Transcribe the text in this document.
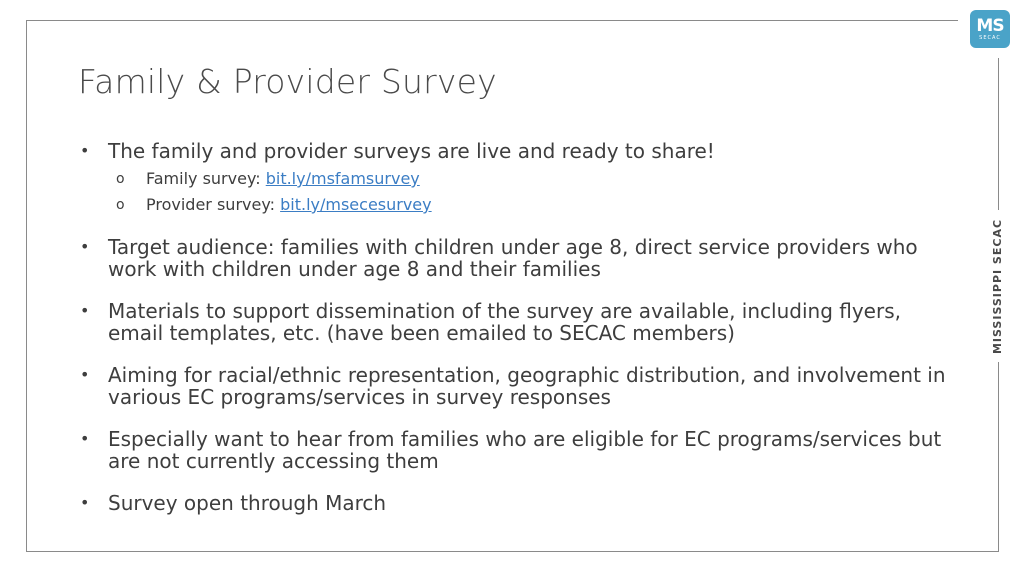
MS
SECAC
MISSISSIPPI SECAC
Family & Provider Survey
• The family and provider surveys are live and ready to share!
o Family survey: bit.ly/msfamsurvey
o Provider survey: bit.ly/msecesurvey
• Target audience: families with children under age 8, direct service providers who work with children under age 8 and their families
• Materials to support dissemination of the survey are available, including flyers, email templates, etc. (have been emailed to SECAC members)
• Aiming for racial/ethnic representation, geographic distribution, and involvement in various EC programs/services in survey responses
• Especially want to hear from families who are eligible for EC programs/services but are not currently accessing them
• Survey open through March
